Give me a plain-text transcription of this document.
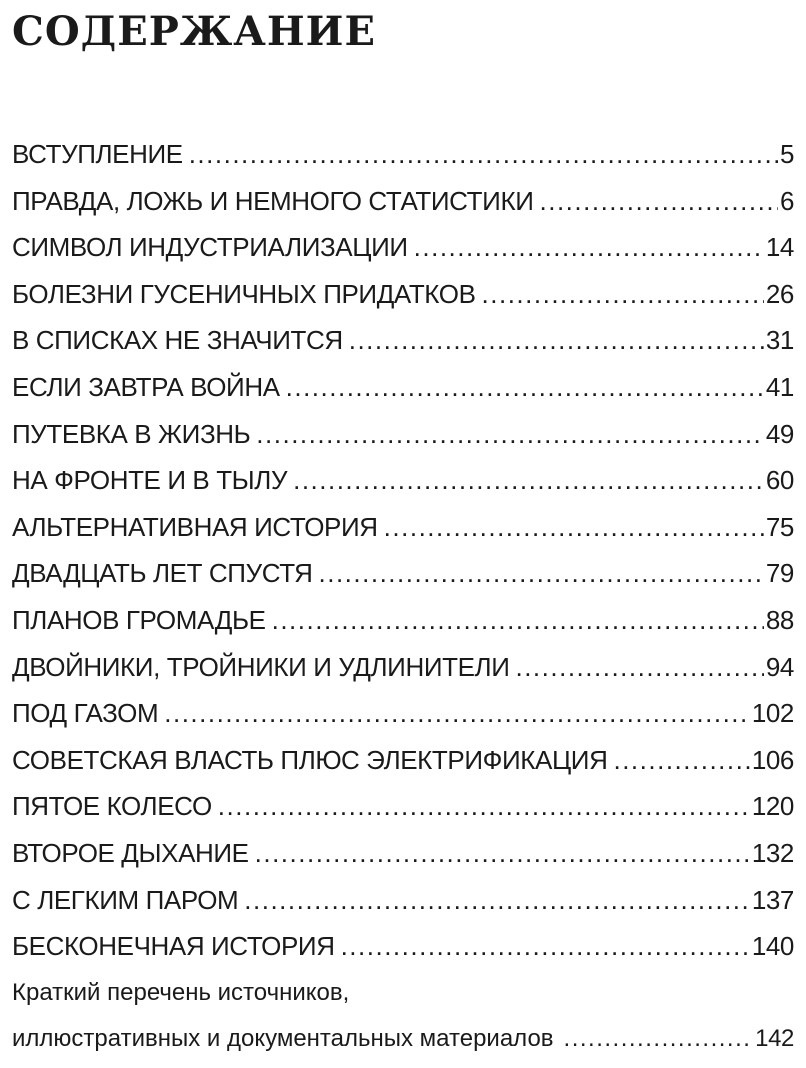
СОДЕРЖАНИЕ
ВСТУПЛЕНИЕ .....	5
ПРАВДА, ЛОЖЬ И НЕМНОГО СТАТИСТИКИ .....	6
СИМВОЛ ИНДУСТРИАЛИЗАЦИИ .....	14
БОЛЕЗНИ ГУСЕНИЧНЫХ ПРИДАТКОВ .....	26
В СПИСКАХ НЕ ЗНАЧИТСЯ .....	31
ЕСЛИ ЗАВТРА ВОЙНА .....	41
ПУТЕВКА В ЖИЗНЬ .....	49
НА ФРОНТЕ И В ТЫЛУ .....	60
АЛЬТЕРНАТИВНАЯ ИСТОРИЯ .....	75
ДВАДЦАТЬ ЛЕТ СПУСТЯ .....	79
ПЛАНОВ ГРОМАДЬЕ .....	88
ДВОЙНИКИ, ТРОЙНИКИ И УДЛИНИТЕЛИ .....	94
ПОД ГАЗОМ .....	102
СОВЕТСКАЯ ВЛАСТЬ ПЛЮС ЭЛЕКТРИФИКАЦИЯ .....	106
ПЯТОЕ КОЛЕСО .....	120
ВТОРОЕ ДЫХАНИЕ .....	132
С ЛЕГКИМ ПАРОМ .....	137
БЕСКОНЕЧНАЯ ИСТОРИЯ .....	140
Краткий перечень источников,
иллюстративных и документальных материалов .....	142
